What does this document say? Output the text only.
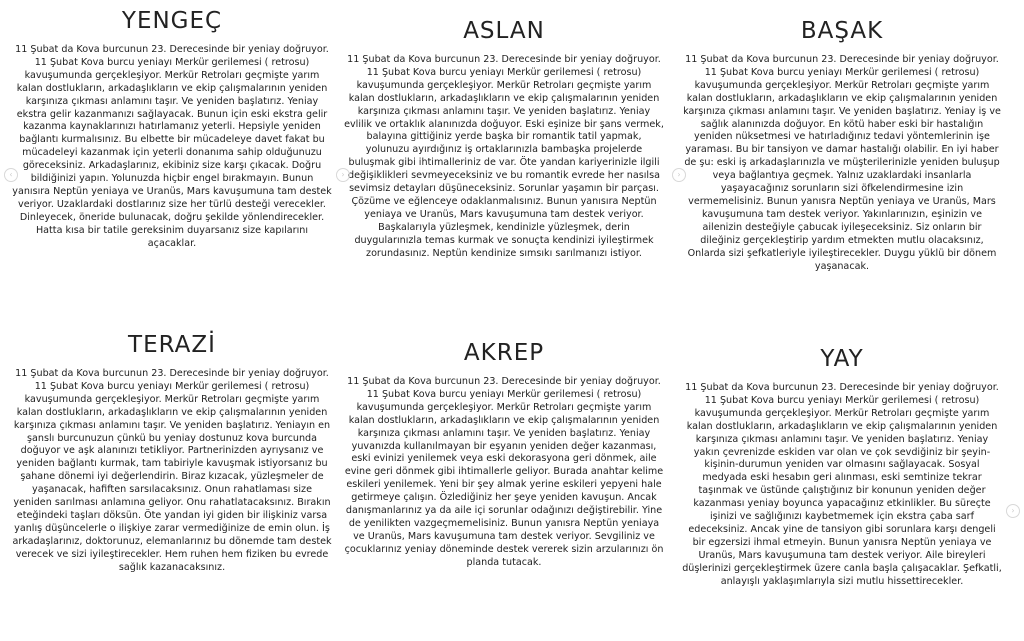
YENGEÇ

11 Şubat da Kova burcunun 23. Derecesinde bir yeniay doğruyor. 11 Şubat Kova burcu yeniayı Merkür gerilemesi ( retrosu) kavuşumunda gerçekleşiyor. Merkür Retroları geçmişte yarım kalan dostlukların, arkadaşlıkların ve ekip çalışmalarının yeniden karşınıza çıkması anlamını taşır. Ve yeniden başlatırız. Yeniay ekstra gelir kazanmanızı sağlayacak. Bunun için eski ekstra gelir kazanma kaynaklarınızı hatırlamanız yeterli. Hepsiyle yeniden bağlantı kurmalısınız. Bu elbette bir mücadeleye davet fakat bu mücadeleyi kazanmak için yeterli donanıma sahip olduğunuzu göreceksiniz. Arkadaşlarınız, ekibiniz size karşı çıkacak. Doğru bildiğinizi yapın. Yolunuzda hiçbir engel bırakmayın. Bunun yanısıra Neptün yeniaya ve Uranüs, Mars kavuşumuna tam destek veriyor. Uzaklardaki dostlarınız size her türlü desteği verecekler. Dinleyecek, öneride bulunacak, doğru şekilde yönlendirecekler. Hatta kısa bir tatile gereksinim duyarsanız size kapılarını açacaklar.

ASLAN

11 Şubat da Kova burcunun 23. Derecesinde bir yeniay doğruyor. 11 Şubat Kova burcu yeniayı Merkür gerilemesi ( retrosu) kavuşumunda gerçekleşiyor. Merkür Retroları geçmişte yarım kalan dostlukların, arkadaşlıkların ve ekip çalışmalarının yeniden karşınıza çıkması anlamını taşır. Ve yeniden başlatırız. Yeniay evlilik ve ortaklık alanınızda doğuyor. Eski eşinize bir şans vermek, balayına gittiğiniz yerde başka bir romantik tatil yapmak, yolunuzu ayırdığınız iş ortaklarınızla bambaşka projelerde buluşmak gibi ihtimalleriniz de var. Öte yandan kariyerinizle ilgili değişiklikleri sevmeyeceksiniz ve bu romantik evrede her nasılsa sevimsiz detayları düşüneceksiniz. Sorunlar yaşamın bir parçası. Çözüme ve eğlenceye odaklanmalısınız. Bunun yanısıra Neptün yeniaya ve Uranüs, Mars kavuşumuna tam destek veriyor. Başkalarıyla yüzleşmek, kendinizle yüzleşmek, derin duygularınızla temas kurmak ve sonuçta kendinizi iyileştirmek zorundasınız. Neptün kendinize sımsıkı sarılmanızı istiyor.

BAŞAK

11 Şubat da Kova burcunun 23. Derecesinde bir yeniay doğruyor. 11 Şubat Kova burcu yeniayı Merkür gerilemesi ( retrosu) kavuşumunda gerçekleşiyor. Merkür Retroları geçmişte yarım kalan dostlukların, arkadaşlıkların ve ekip çalışmalarının yeniden karşınıza çıkması anlamını taşır. Ve yeniden başlatırız. Yeniay iş ve sağlık alanınızda doğuyor. En kötü haber eski bir hastalığın yeniden nüksetmesi ve hatırladığınız tedavi yöntemlerinin işe yaraması. Bu bir tansiyon ve damar hastalığı olabilir. En iyi haber de şu: eski iş arkadaşlarınızla ve müşterilerinizle yeniden buluşup veya bağlantıya geçmek. Yalnız uzaklardaki insanlarla yaşayacağınız sorunların sizi öfkelendirmesine izin vermemelisiniz. Bunun yanısra Neptün yeniaya ve Uranüs, Mars kavuşumuna tam destek veriyor. Yakınlarınızın, eşinizin ve ailenizin desteğiyle çabucak iyileşeceksiniz. Siz onların bir dileğiniz gerçekleştirip yardım etmekten mutlu olacaksınız, Onlarda sizi şefkatleriyle iyileştirecekler. Duygu yüklü bir dönem yaşanacak.

TERAZİ

11 Şubat da Kova burcunun 23. Derecesinde bir yeniay doğruyor. 11 Şubat Kova burcu yeniayı Merkür gerilemesi ( retrosu) kavuşumunda gerçekleşiyor. Merkür Retroları geçmişte yarım kalan dostlukların, arkadaşlıkların ve ekip çalışmalarının yeniden karşınıza çıkması anlamını taşır. Ve yeniden başlatırız. Yeniayın en şanslı burcunuzun çünkü bu yeniay dostunuz kova burcunda doğuyor ve aşk alanınızı tetikliyor. Partnerinizden ayrıysanız ve yeniden bağlantı kurmak, tam tabiriyle kavuşmak istiyorsanız bu şahane dönemi iyi değerlendirin. Biraz kızacak, yüzleşmeler de yaşanacak, hafiften sarsılacaksınız. Onun rahatlaması size yeniden sarılması anlamına geliyor. Onu rahatlatacaksınız. Bırakın eteğindeki taşları döksün. Öte yandan iyi giden bir ilişkiniz varsa yanlış düşüncelerle o ilişkiye zarar vermediğinize de emin olun. İş arkadaşlarınız, doktorunuz, elemanlarınız bu dönemde tam destek verecek ve sizi iyileştirecekler. Hem ruhen hem fiziken bu evrede sağlık kazanacaksınız.

AKREP

11 Şubat da Kova burcunun 23. Derecesinde bir yeniay doğruyor. 11 Şubat Kova burcu yeniayı Merkür gerilemesi ( retrosu) kavuşumunda gerçekleşiyor. Merkür Retroları geçmişte yarım kalan dostlukların, arkadaşlıkların ve ekip çalışmalarının yeniden karşınıza çıkması anlamını taşır. Ve yeniden başlatırız. Yeniay yuvanızda kullanılmayan bir eşyanın yeniden değer kazanması, eski evinizi yenilemek veya eski dekorasyona geri dönmek, aile evine geri dönmek gibi ihtimallerle geliyor. Burada anahtar kelime eskileri yenilemek. Yeni bir şey almak yerine eskileri yepyeni hale getirmeye çalışın. Özlediğiniz her şeye yeniden kavuşun. Ancak danışmanlarınız ya da aile içi sorunlar odağınızı değiştirebilir. Yine de yenilikten vazgeçmemelisiniz. Bunun yanısra Neptün yeniaya ve Uranüs, Mars kavuşumuna tam destek veriyor. Sevgiliniz ve çocuklarınız yeniay döneminde destek vererek sizin arzularınızı ön planda tutacak.

YAY

11 Şubat da Kova burcunun 23. Derecesinde bir yeniay doğruyor. 11 Şubat Kova burcu yeniayı Merkür gerilemesi ( retrosu) kavuşumunda gerçekleşiyor. Merkür Retroları geçmişte yarım kalan dostlukların, arkadaşlıkların ve ekip çalışmalarının yeniden karşınıza çıkması anlamını taşır. Ve yeniden başlatırız. Yeniay yakın çevrenizde eskiden var olan ve çok sevdiğiniz bir şeyin-kişinin-durumun yeniden var olmasını sağlayacak. Sosyal medyada eski hesabın geri alınması, eski semtinize tekrar taşınmak ve üstünde çalıştığınız bir konunun yeniden değer kazanması yeniay boyunca yapacağınız etkinlikler. Bu süreçte işinizi ve sağlığınızı kaybetmemek için ekstra çaba sarf edeceksiniz. Ancak yine de tansiyon gibi sorunlara karşı dengeli bir egzersizi ihmal etmeyin. Bunun yanısra Neptün yeniaya ve Uranüs, Mars kavuşumuna tam destek veriyor. Aile bireyleri düşlerinizi gerçekleştirmek üzere canla başla çalışacaklar. Şefkatli, anlayışlı yaklaşımlarıyla sizi mutlu hissettirecekler.

‹	›	›
›
